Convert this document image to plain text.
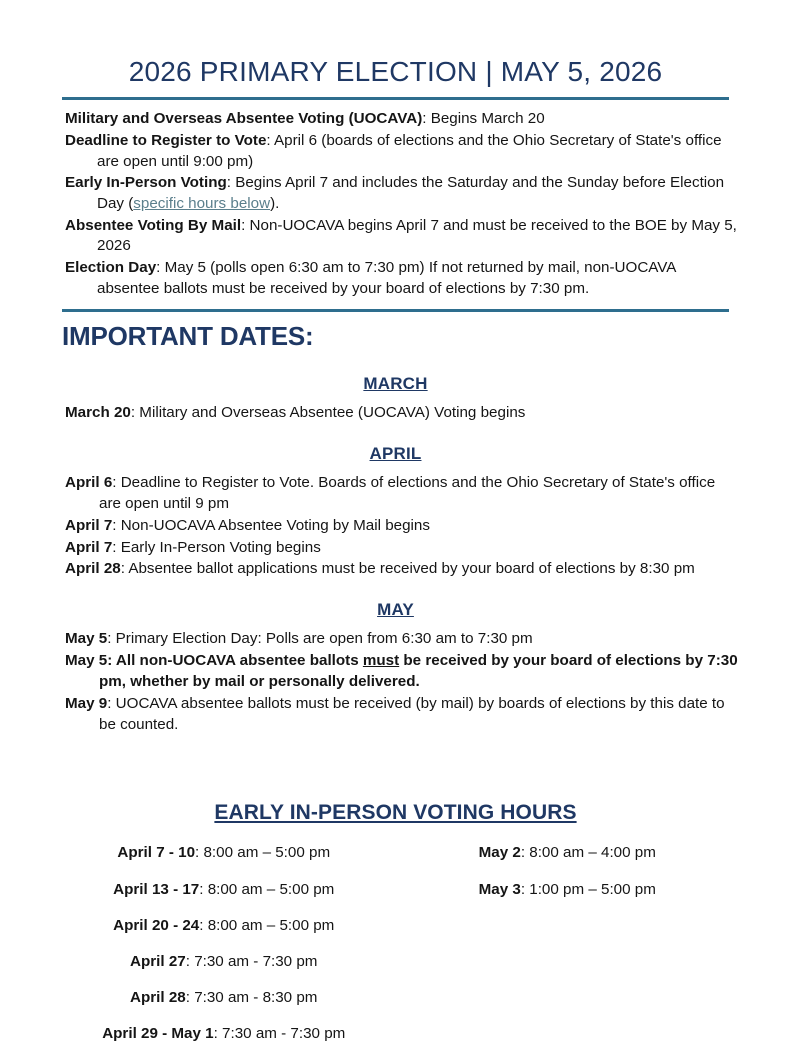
2026 PRIMARY ELECTION | MAY 5, 2026
Military and Overseas Absentee Voting (UOCAVA): Begins March 20
Deadline to Register to Vote: April 6 (boards of elections and the Ohio Secretary of State's office are open until 9:00 pm)
Early In-Person Voting: Begins April 7 and includes the Saturday and the Sunday before Election Day (specific hours below).
Absentee Voting By Mail: Non-UOCAVA begins April 7 and must be received to the BOE by May 5, 2026
Election Day: May 5 (polls open 6:30 am to 7:30 pm) If not returned by mail, non-UOCAVA absentee ballots must be received by your board of elections by 7:30 pm.
IMPORTANT DATES:
MARCH
March 20: Military and Overseas Absentee (UOCAVA) Voting begins
APRIL
April 6: Deadline to Register to Vote. Boards of elections and the Ohio Secretary of State's office are open until 9 pm
April 7: Non-UOCAVA Absentee Voting by Mail begins
April 7: Early In-Person Voting begins
April 28: Absentee ballot applications must be received by your board of elections by 8:30 pm
MAY
May 5: Primary Election Day: Polls are open from 6:30 am to 7:30 pm
May 5: All non-UOCAVA absentee ballots must be received by your board of elections by 7:30 pm, whether by mail or personally delivered.
May 9: UOCAVA absentee ballots must be received (by mail) by boards of elections by this date to be counted.
EARLY IN-PERSON VOTING HOURS
April 7 - 10: 8:00 am – 5:00 pm
April 13 - 17: 8:00 am – 5:00 pm
April 20 - 24: 8:00 am – 5:00 pm
April 27: 7:30 am - 7:30 pm
April 28: 7:30 am - 8:30 pm
April 29 - May 1: 7:30 am - 7:30 pm
May 2: 8:00 am – 4:00 pm
May 3: 1:00 pm – 5:00 pm
